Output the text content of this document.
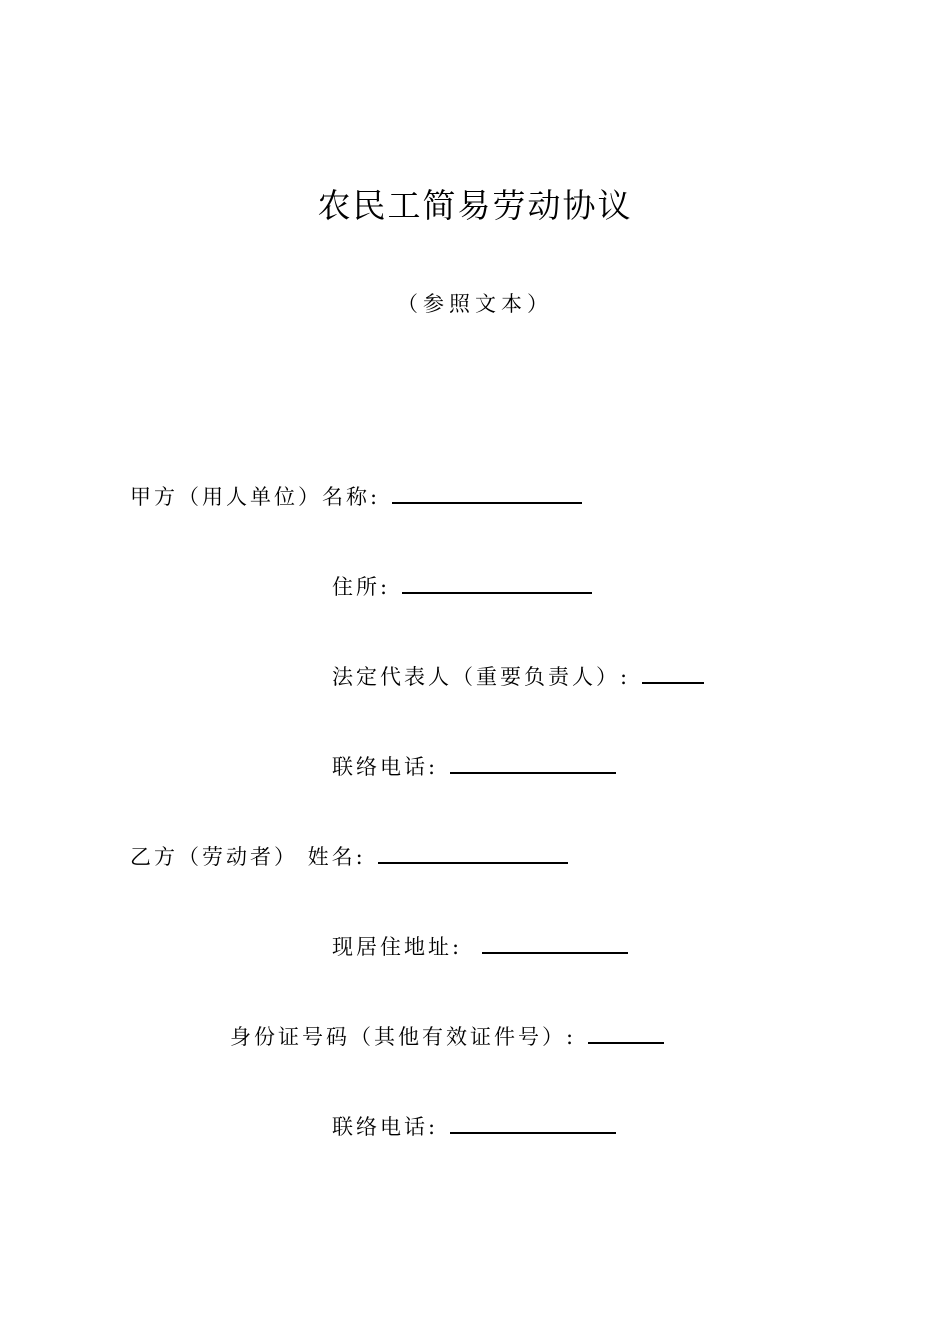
农民工简易劳动协议
（参照文本）
甲方（用人单位）名称:
住所:
法定代表人（重要负责人）:
联络电话:
乙方（劳动者） 姓名:
现居住地址:
身份证号码（其他有效证件号）:
联络电话:
